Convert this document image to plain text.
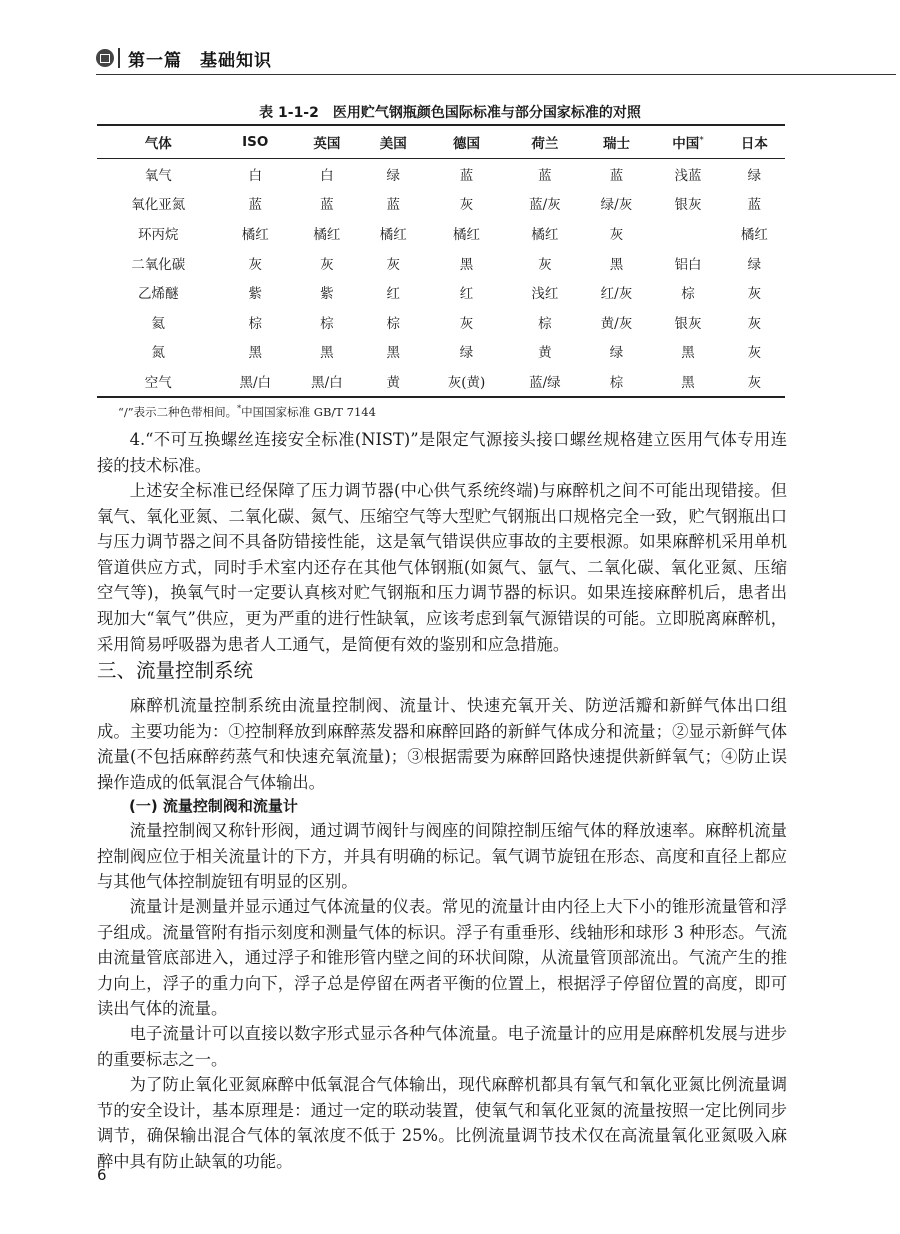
第一篇　基础知识
表 1-1-2　医用贮气钢瓶颜色国际标准与部分国家标准的对照
气体	ISO	英国	美国	德国	荷兰	瑞士	中国*	日本
氧气	白	白	绿	蓝	蓝	蓝	浅蓝	绿
氧化亚氮	蓝	蓝	蓝	灰	蓝/灰	绿/灰	银灰	蓝
环丙烷	橘红	橘红	橘红	橘红	橘红	灰		橘红
二氧化碳	灰	灰	灰	黑	灰	黑	铝白	绿
乙烯醚	紫	紫	红	红	浅红	红/灰	棕	灰
氦	棕	棕	棕	灰	棕	黄/灰	银灰	灰
氮	黑	黑	黑	绿	黄	绿	黑	灰
空气	黑/白	黑/白	黄	灰(黄)	蓝/绿	棕	黑	灰
“/”表示二种色带相间。*中国国家标准 GB/T 7144
4.“不可互换螺丝连接安全标准(NIST)”是限定气源接头接口螺丝规格建立医用气体专用连接的技术标准。
上述安全标准已经保障了压力调节器(中心供气系统终端)与麻醉机之间不可能出现错接。但氧气、氧化亚氮、二氧化碳、氮气、压缩空气等大型贮气钢瓶出口规格完全一致，贮气钢瓶出口与压力调节器之间不具备防错接性能，这是氧气错误供应事故的主要根源。如果麻醉机采用单机管道供应方式，同时手术室内还存在其他气体钢瓶(如氮气、氩气、二氧化碳、氧化亚氮、压缩空气等)，换氧气时一定要认真核对贮气钢瓶和压力调节器的标识。如果连接麻醉机后，患者出现加大“氧气”供应，更为严重的进行性缺氧，应该考虑到氧气源错误的可能。立即脱离麻醉机，采用简易呼吸器为患者人工通气，是简便有效的鉴别和应急措施。
三、流量控制系统
麻醉机流量控制系统由流量控制阀、流量计、快速充氧开关、防逆活瓣和新鲜气体出口组成。主要功能为：①控制释放到麻醉蒸发器和麻醉回路的新鲜气体成分和流量；②显示新鲜气体流量(不包括麻醉药蒸气和快速充氧流量)；③根据需要为麻醉回路快速提供新鲜氧气；④防止误操作造成的低氧混合气体输出。
(一) 流量控制阀和流量计
流量控制阀又称针形阀，通过调节阀针与阀座的间隙控制压缩气体的释放速率。麻醉机流量控制阀应位于相关流量计的下方，并具有明确的标记。氧气调节旋钮在形态、高度和直径上都应与其他气体控制旋钮有明显的区别。
流量计是测量并显示通过气体流量的仪表。常见的流量计由内径上大下小的锥形流量管和浮子组成。流量管附有指示刻度和测量气体的标识。浮子有重垂形、线轴形和球形 3 种形态。气流由流量管底部进入，通过浮子和锥形管内壁之间的环状间隙，从流量管顶部流出。气流产生的推力向上，浮子的重力向下，浮子总是停留在两者平衡的位置上，根据浮子停留位置的高度，即可读出气体的流量。
电子流量计可以直接以数字形式显示各种气体流量。电子流量计的应用是麻醉机发展与进步的重要标志之一。
为了防止氧化亚氮麻醉中低氧混合气体输出，现代麻醉机都具有氧气和氧化亚氮比例流量调节的安全设计，基本原理是：通过一定的联动装置，使氧气和氧化亚氮的流量按照一定比例同步调节，确保输出混合气体的氧浓度不低于 25%。比例流量调节技术仅在高流量氧化亚氮吸入麻醉中具有防止缺氧的功能。
6
